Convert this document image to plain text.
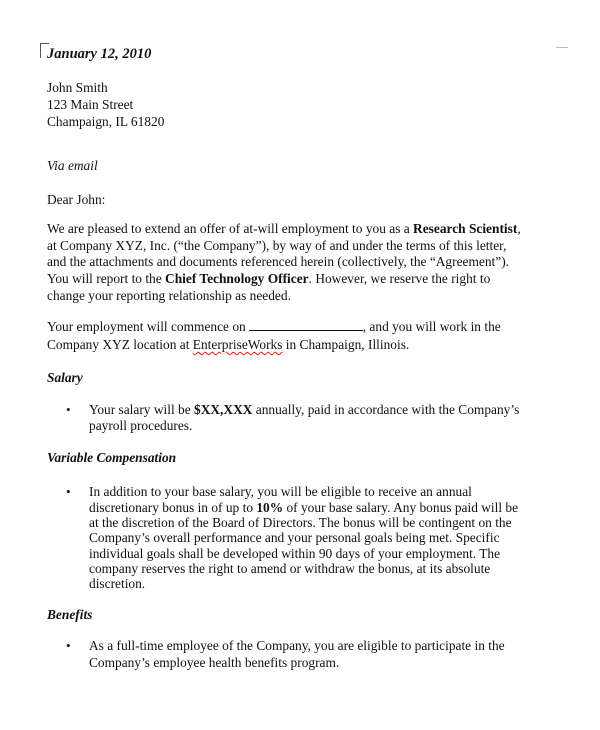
January 12, 2010
John Smith
123 Main Street
Champaign, IL 61820
Via email
Dear John:
We are pleased to extend an offer of at-will employment to you as a Research Scientist,
at Company XYZ, Inc. (“the Company”), by way of and under the terms of this letter,
and the attachments and documents referenced herein (collectively, the “Agreement”).
You will report to the Chief Technology Officer. However, we reserve the right to
change your reporting relationship as needed.
Your employment will commence on	, and you will work in the
Company XYZ location at EnterpriseWorks in Champaign, Illinois.
Salary
• Your salary will be $XX,XXX annually, paid in accordance with the Company’s
payroll procedures.
Variable Compensation
• In addition to your base salary, you will be eligible to receive an annual
discretionary bonus in of up to 10% of your base salary. Any bonus paid will be
at the discretion of the Board of Directors. The bonus will be contingent on the
Company’s overall performance and your personal goals being met. Specific
individual goals shall be developed within 90 days of your employment. The
company reserves the right to amend or withdraw the bonus, at its absolute
discretion.
Benefits
• As a full-time employee of the Company, you are eligible to participate in the
Company’s employee health benefits program.
